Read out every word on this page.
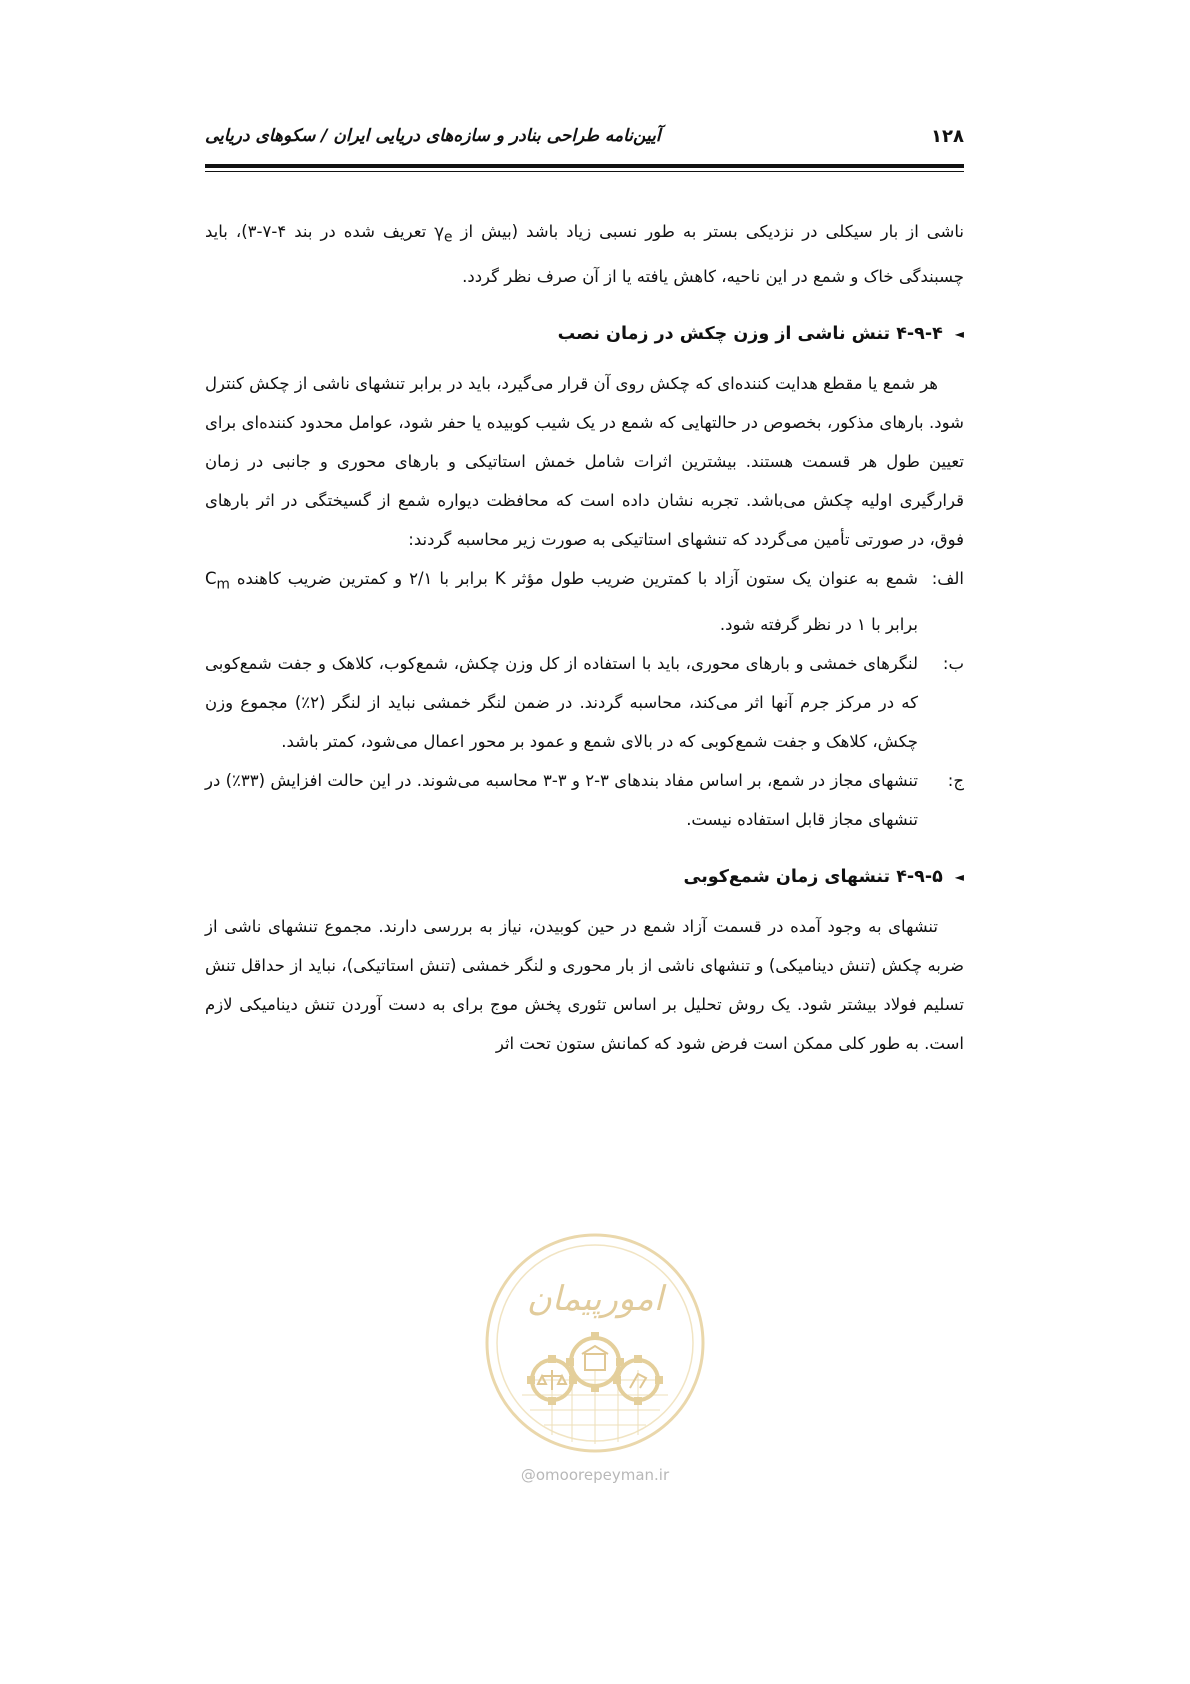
۱۲۸
آیین‌نامه طراحی بنادر و سازه‌های دریایی ایران / سکوهای دریایی

ناشی از بار سیکلی در نزدیکی بستر به طور نسبی زیاد باشد (بیش از $\gamma_e$ تعریف شده در بند ۴-۷-۳)، باید چسبندگی خاک و شمع در این ناحیه، کاهش یافته یا از آن صرف نظر گردد.

◄۴-۹-۴ تنش ناشی از وزن چکش در زمان نصب

هر شمع یا مقطع هدایت کننده‌ای که چکش روی آن قرار می‌گیرد، باید در برابر تنشهای ناشی از چکش کنترل شود. بارهای مذکور، بخصوص در حالتهایی که شمع در یک شیب کوبیده یا حفر شود، عوامل محدود کننده‌ای برای تعیین طول هر قسمت هستند. بیشترین اثرات شامل خمش استاتیکی و بارهای محوری و جانبی در زمان قرارگیری اولیه چکش می‌باشد. تجربه نشان داده است که محافظت دیواره شمع از گسیختگی در اثر بارهای فوق، در صورتی تأمین می‌گردد که تنشهای استاتیکی به صورت زیر محاسبه گردند:

الف:
شمع به عنوان یک ستون آزاد با کمترین ضریب طول مؤثر K برابر با ۲/۱ و کمترین ضریب کاهنده $C_m$ برابر با ۱ در نظر گرفته شود.
ب:
لنگرهای خمشی و بارهای محوری، باید با استفاده از کل وزن چکش، شمع‌کوب، کلاهک و جفت شمع‌کوبی که در مرکز جرم آنها اثر می‌کند، محاسبه گردند. در ضمن لنگر خمشی نباید از لنگر (۲٪) مجموع وزن چکش، کلاهک و جفت شمع‌کوبی که در بالای شمع و عمود بر محور اعمال می‌شود، کمتر باشد.
ج:
تنشهای مجاز در شمع، بر اساس مفاد بندهای ۳-۲ و ۳-۳ محاسبه می‌شوند. در این حالت افزایش (۳۳٪) در تنشهای مجاز قابل استفاده نیست.
◄۴-۹-۵ تنشهای زمان شمع‌کوبی

تنشهای به وجود آمده در قسمت آزاد شمع در حین کوبیدن، نیاز به بررسی دارند. مجموع تنشهای ناشی از ضربه چکش (تنش دینامیکی) و تنشهای ناشی از بار محوری و لنگر خمشی (تنش استاتیکی)، نباید از حداقل تنش تسلیم فولاد بیشتر شود. یک روش تحلیل بر اساس تئوری پخش موج برای به دست آوردن تنش دینامیکی لازم است. به طور کلی ممکن است فرض شود که کمانش ستون تحت اثر

امورپیمان
@omoorepeyman.ir
